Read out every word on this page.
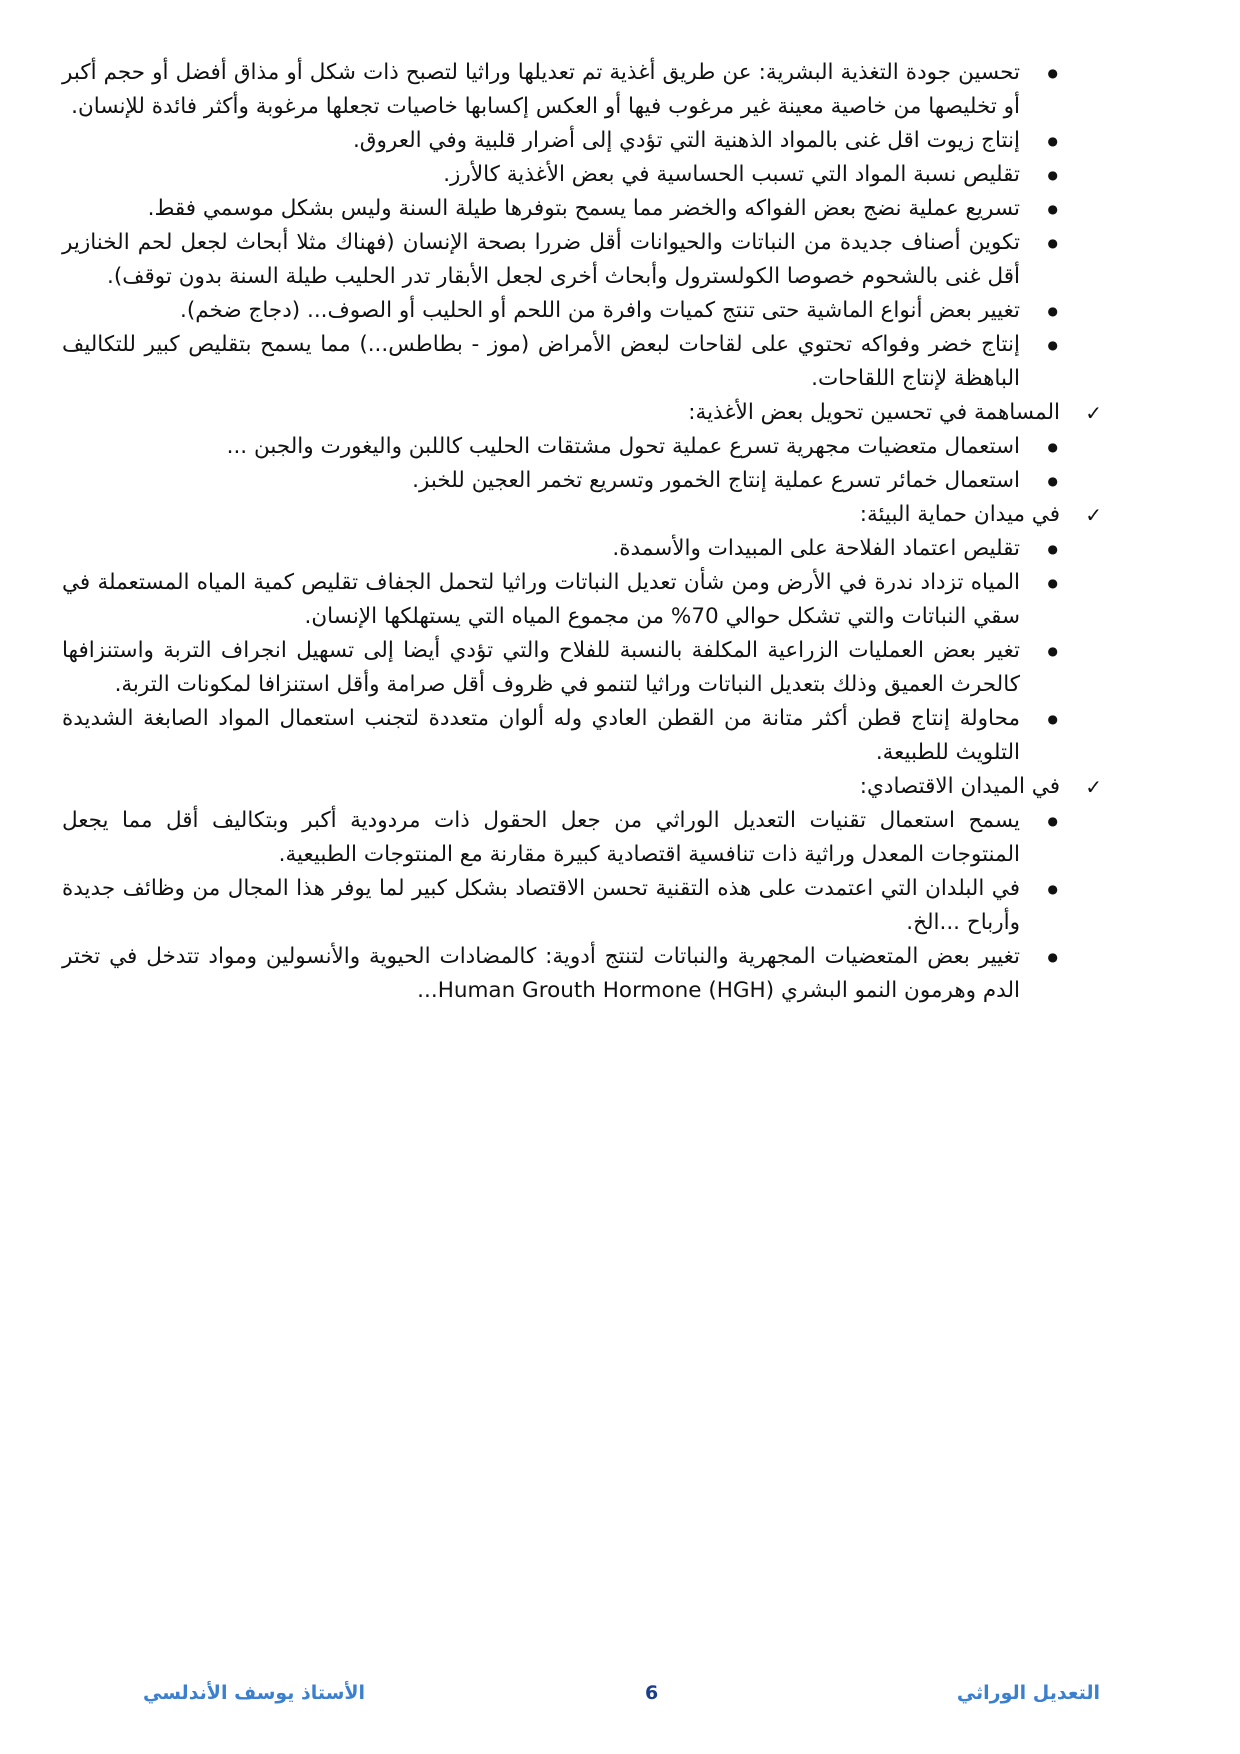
● تحسين جودة التغذية البشرية: عن طريق أغذية تم تعديلها وراثيا لتصبح ذات شكل أو مذاق أفضل أو حجم أكبر أو تخليصها من خاصية معينة غير مرغوب فيها أو العكس إكسابها خاصيات تجعلها مرغوبة وأكثر فائدة للإنسان.
● إنتاج زيوت اقل غنى بالمواد الذهنية التي تؤدي إلى أضرار قلبية وفي العروق.
● تقليص نسبة المواد التي تسبب الحساسية في بعض الأغذية كالأرز.
● تسريع عملية نضج بعض الفواكه والخضر مما يسمح بتوفرها طيلة السنة وليس بشكل موسمي فقط.
● تكوين أصناف جديدة من النباتات والحيوانات أقل ضررا بصحة الإنسان (فهناك مثلا أبحاث لجعل لحم الخنازير أقل غنى بالشحوم خصوصا الكولسترول وأبحاث أخرى لجعل الأبقار تدر الحليب طيلة السنة بدون توقف).
● تغيير بعض أنواع الماشية حتى تنتج كميات وافرة من اللحم أو الحليب أو الصوف... (دجاج ضخم).
● إنتاج خضر وفواكه تحتوي على لقاحات لبعض الأمراض (موز - بطاطس...) مما يسمح بتقليص كبير للتكاليف الباهظة لإنتاج اللقاحات.
✓
المساهمة في تحسين تحويل بعض الأغذية:
● استعمال متعضيات مجهرية تسرع عملية تحول مشتقات الحليب كاللبن واليغورت والجبن ...
● استعمال خمائر تسرع عملية إنتاج الخمور وتسريع تخمر العجين للخبز.
✓
في ميدان حماية البيئة:
● تقليص اعتماد الفلاحة على المبيدات والأسمدة.
● المياه تزداد ندرة في الأرض ومن شأن تعديل النباتات وراثيا لتحمل الجفاف تقليص كمية المياه المستعملة في سقي النباتات والتي تشكل حوالي 70% من مجموع المياه التي يستهلكها الإنسان.
● تغير بعض العمليات الزراعية المكلفة بالنسبة للفلاح والتي تؤدي أيضا إلى تسهيل انجراف التربة واستنزافها كالحرث العميق وذلك بتعديل النباتات وراثيا لتنمو في ظروف أقل صرامة وأقل استنزافا لمكونات التربة.
● محاولة إنتاج قطن أكثر متانة من القطن العادي وله ألوان متعددة لتجنب استعمال المواد الصابغة الشديدة التلويث للطبيعة.
✓
في الميدان الاقتصادي:
● يسمح استعمال تقنيات التعديل الوراثي من جعل الحقول ذات مردودية أكبر وبتكاليف أقل مما يجعل المنتوجات المعدل وراثية ذات تنافسية اقتصادية كبيرة مقارنة مع المنتوجات الطبيعية.
● في البلدان التي اعتمدت على هذه التقنية تحسن الاقتصاد بشكل كبير لما يوفر هذا المجال من وظائف جديدة وأرباح ...الخ.
● تغيير بعض المتعضيات المجهرية والنباتات لتنتج أدوية: كالمضادات الحيوية والأنسولين ومواد تتدخل في تختر الدم وهرمون النمو البشري Human Grouth Hormone (HGH)...
التعديل الوراثي
6
الأستاذ يوسف الأندلسي
